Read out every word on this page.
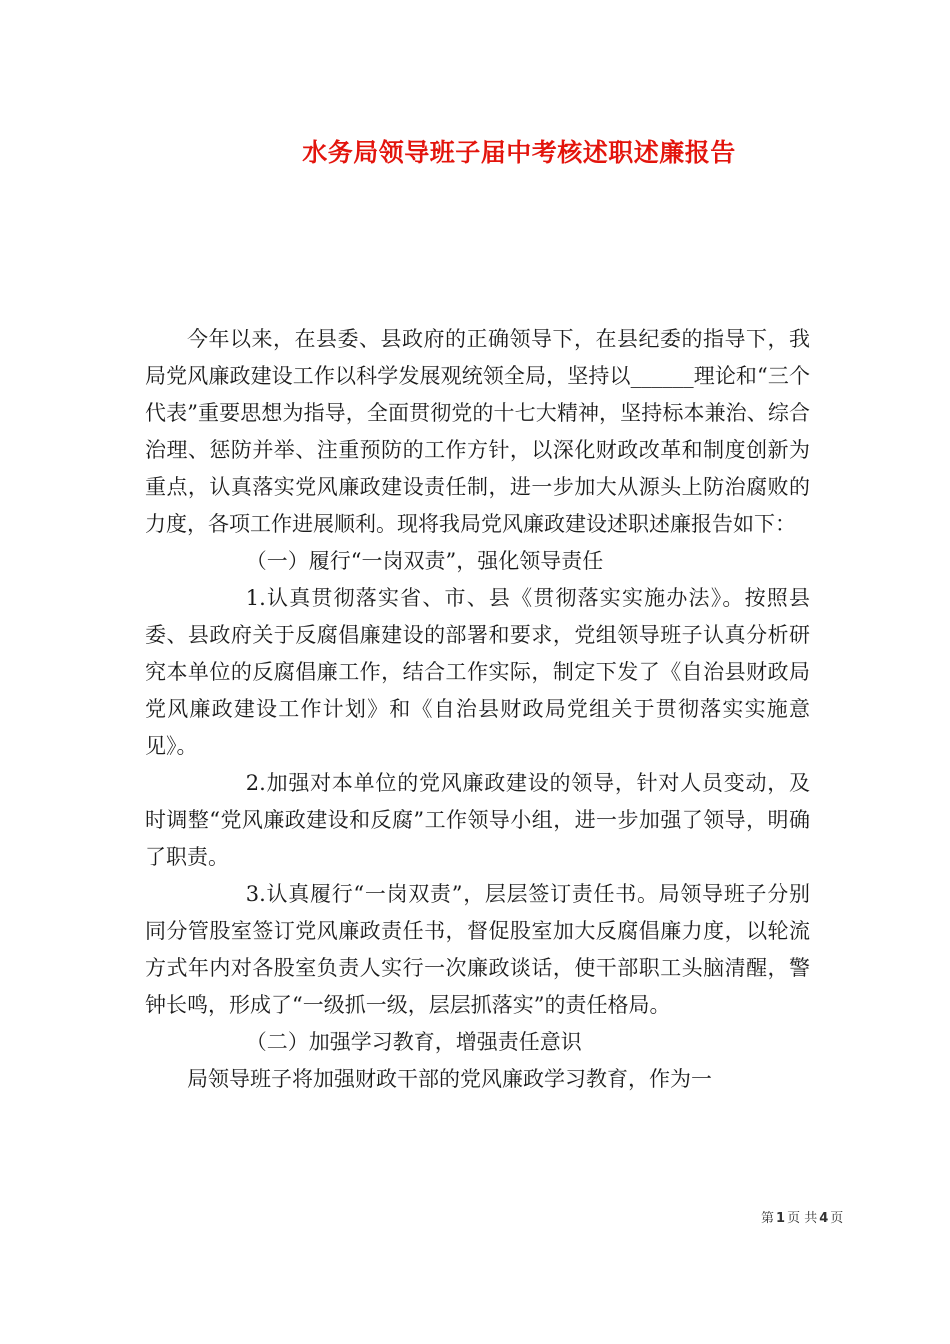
水务局领导班子届中考核述职述廉报告

今年以来，在县委、县政府的正确领导下，在县纪委的指导下，我局党风廉政建设工作以科学发展观统领全局，坚持以______理论和“三个代表”重要思想为指导，全面贯彻党的十七大精神，坚持标本兼治、综合治理、惩防并举、注重预防的工作方针，以深化财政改革和制度创新为重点，认真落实党风廉政建设责任制，进一步加大从源头上防治腐败的力度，各项工作进展顺利。现将我局党风廉政建设述职述廉报告如下：

（一）履行“一岗双责”，强化领导责任

1.认真贯彻落实省、市、县《贯彻落实实施办法》。按照县委、县政府关于反腐倡廉建设的部署和要求，党组领导班子认真分析研究本单位的反腐倡廉工作，结合工作实际，制定下发了《自治县财政局党风廉政建设工作计划》和《自治县财政局党组关于贯彻落实实施意见》。

2.加强对本单位的党风廉政建设的领导，针对人员变动，及时调整“党风廉政建设和反腐”工作领导小组，进一步加强了领导，明确了职责。

3.认真履行“一岗双责”，层层签订责任书。局领导班子分别同分管股室签订党风廉政责任书，督促股室加大反腐倡廉力度，以轮流方式年内对各股室负责人实行一次廉政谈话，使干部职工头脑清醒，警钟长鸣，形成了“一级抓一级，层层抓落实”的责任格局。

（二）加强学习教育，增强责任意识

局领导班子将加强财政干部的党风廉政学习教育，作为一

第 1 页 共 4 页
